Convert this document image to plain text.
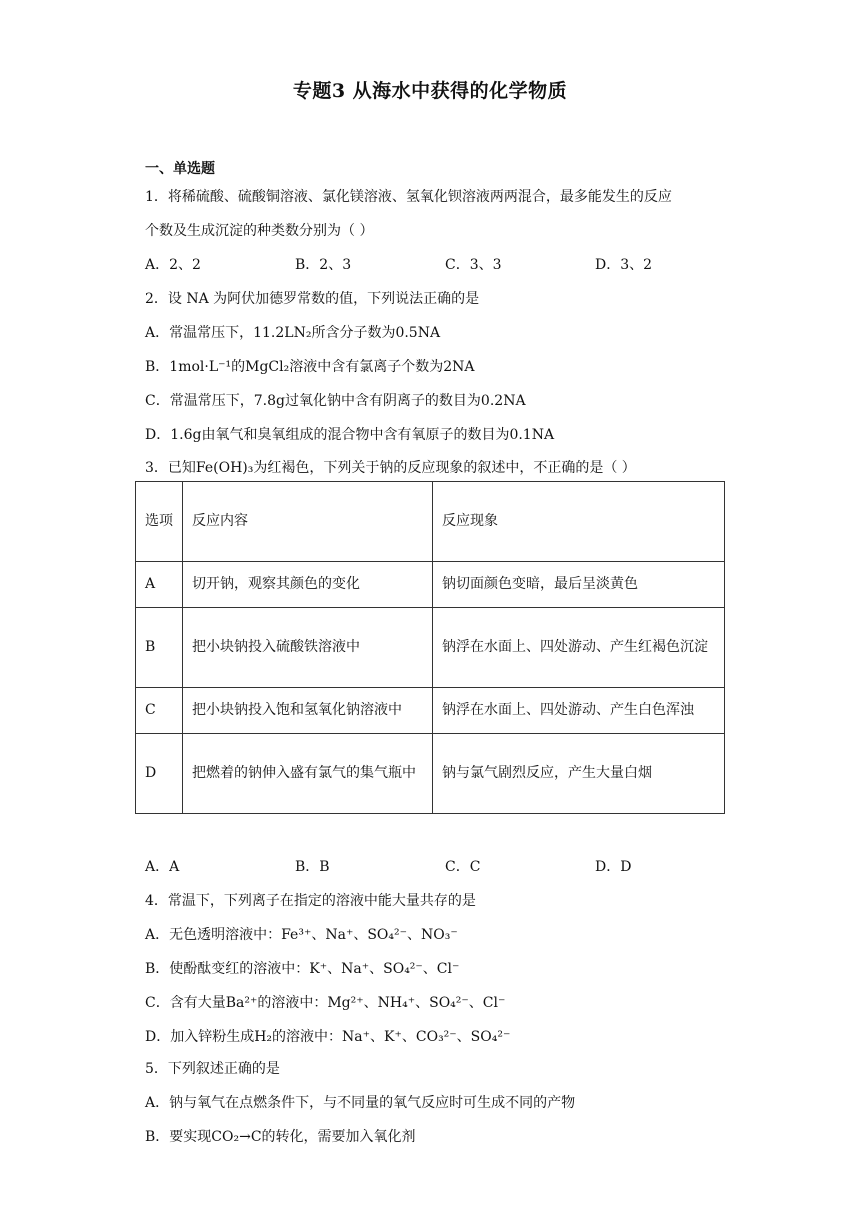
专题3 从海水中获得的化学物质
一、单选题
1．将稀硫酸、硫酸铜溶液、氯化镁溶液、氢氧化钡溶液两两混合，最多能发生的反应
个数及生成沉淀的种类数分别为（ ）
A．2、2	B．2、3	C．3、3	D．3、2
2．设 NA 为阿伏加德罗常数的值，下列说法正确的是
A．常温常压下，11.2LN₂所含分子数为0.5NA
B．1mol·L⁻¹的MgCl₂溶液中含有氯离子个数为2NA
C．常温常压下，7.8g过氧化钠中含有阴离子的数目为0.2NA
D．1.6g由氧气和臭氧组成的混合物中含有氧原子的数目为0.1NA
3．已知Fe(OH)₃为红褐色，下列关于钠的反应现象的叙述中，不正确的是（ ）
选项	反应内容	反应现象
A	切开钠，观察其颜色的变化	钠切面颜色变暗，最后呈淡黄色
B	把小块钠投入硫酸铁溶液中	钠浮在水面上、四处游动、产生红褐色沉淀
C	把小块钠投入饱和氢氧化钠溶液中	钠浮在水面上、四处游动、产生白色浑浊
D	把燃着的钠伸入盛有氯气的集气瓶中	钠与氯气剧烈反应，产生大量白烟
A．A	B．B	C．C	D．D
4．常温下，下列离子在指定的溶液中能大量共存的是
A．无色透明溶液中：Fe³⁺、Na⁺、SO₄²⁻、NO₃⁻
B．使酚酞变红的溶液中：K⁺、Na⁺、SO₄²⁻、Cl⁻
C．含有大量Ba²⁺的溶液中：Mg²⁺、NH₄⁺、SO₄²⁻、Cl⁻
D．加入锌粉生成H₂的溶液中：Na⁺、K⁺、CO₃²⁻、SO₄²⁻
5．下列叙述正确的是
A．钠与氧气在点燃条件下，与不同量的氧气反应时可生成不同的产物
B．要实现CO₂→C的转化，需要加入氧化剂
